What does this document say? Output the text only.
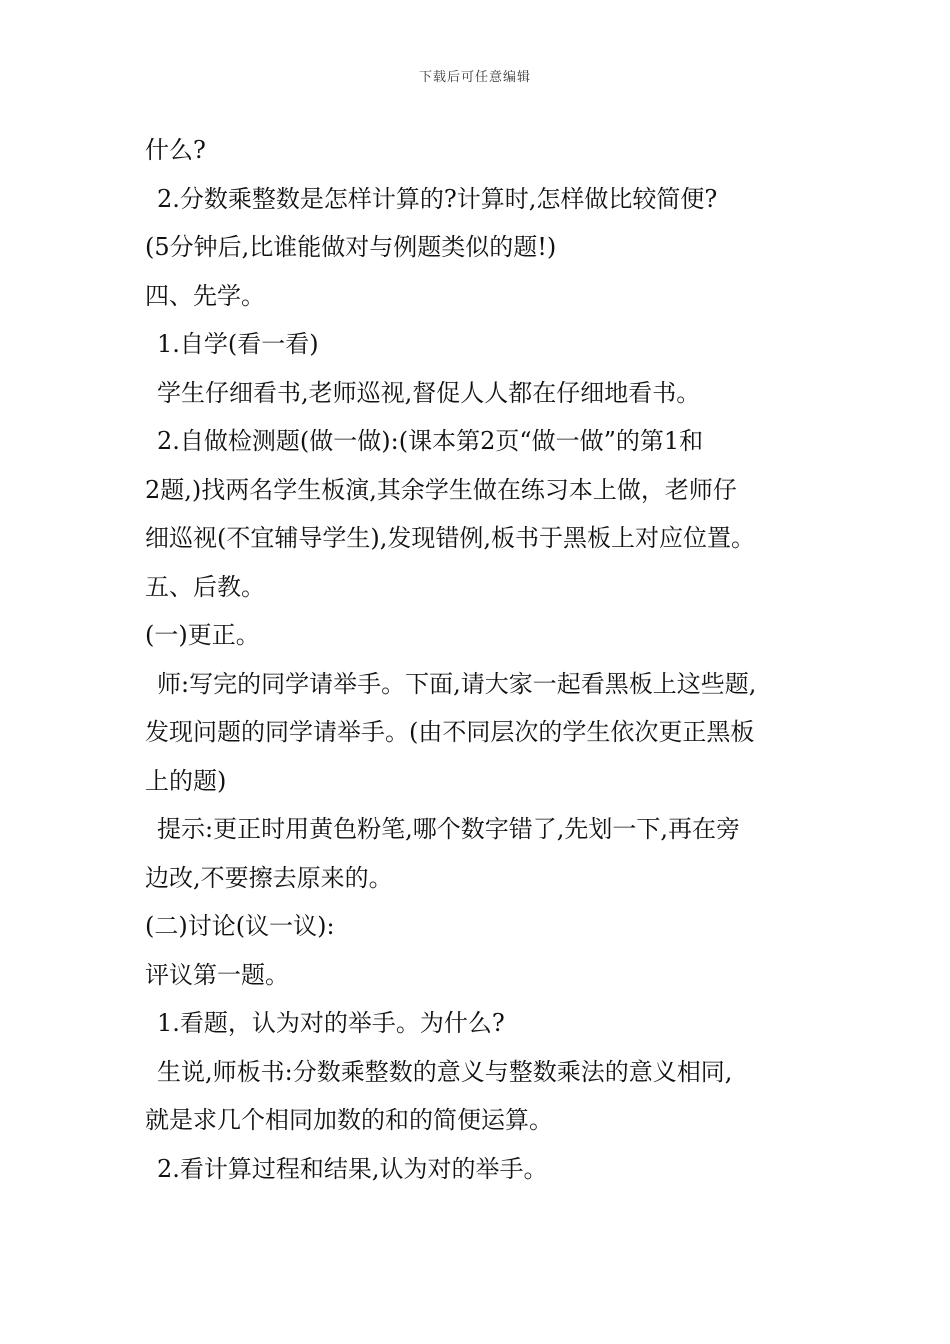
下载后可任意编辑
什么?
2.分数乘整数是怎样计算的?计算时,怎样做比较简便?
(5分钟后,比谁能做对与例题类似的题!)
四、先学。
1.自学(看一看)
学生仔细看书,老师巡视,督促人人都在仔细地看书。
2.自做检测题(做一做):(课本第2页“做一做”的第1和
2题,)找两名学生板演,其余学生做在练习本上做，老师仔
细巡视(不宜辅导学生),发现错例,板书于黑板上对应位置。
五、后教。
(一)更正。
师:写完的同学请举手。下面,请大家一起看黑板上这些题,
发现问题的同学请举手。(由不同层次的学生依次更正黑板
上的题)
提示:更正时用黄色粉笔,哪个数字错了,先划一下,再在旁
边改,不要擦去原来的。
(二)讨论(议一议):
评议第一题。
1.看题，认为对的举手。为什么?
生说,师板书:分数乘整数的意义与整数乘法的意义相同,
就是求几个相同加数的和的简便运算。
2.看计算过程和结果,认为对的举手。
